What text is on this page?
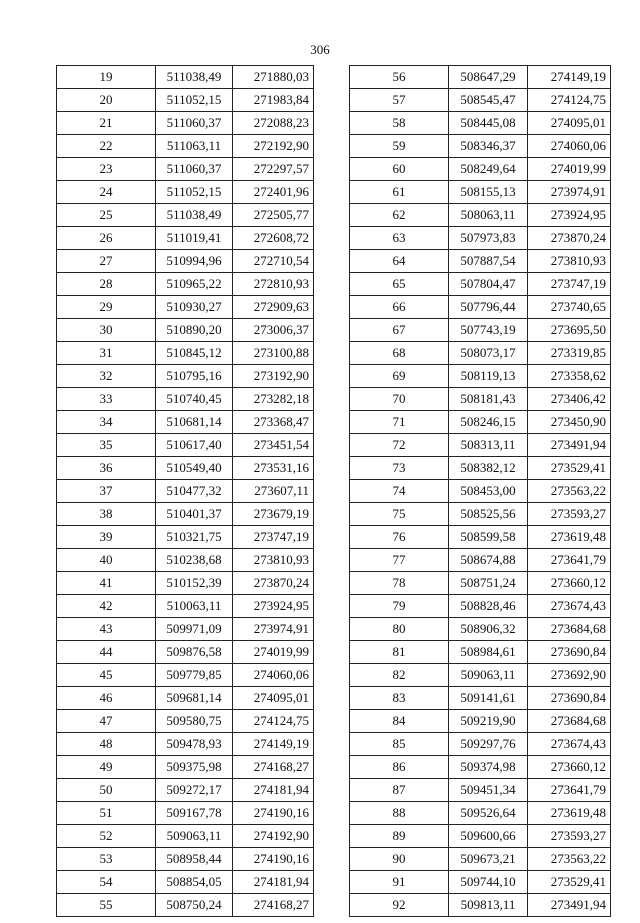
306
19	511038,49	271880,03
20	511052,15	271983,84
21	511060,37	272088,23
22	511063,11	272192,90
23	511060,37	272297,57
24	511052,15	272401,96
25	511038,49	272505,77
26	511019,41	272608,72
27	510994,96	272710,54
28	510965,22	272810,93
29	510930,27	272909,63
30	510890,20	273006,37
31	510845,12	273100,88
32	510795,16	273192,90
33	510740,45	273282,18
34	510681,14	273368,47
35	510617,40	273451,54
36	510549,40	273531,16
37	510477,32	273607,11
38	510401,37	273679,19
39	510321,75	273747,19
40	510238,68	273810,93
41	510152,39	273870,24
42	510063,11	273924,95
43	509971,09	273974,91
44	509876,58	274019,99
45	509779,85	274060,06
46	509681,14	274095,01
47	509580,75	274124,75
48	509478,93	274149,19
49	509375,98	274168,27
50	509272,17	274181,94
51	509167,78	274190,16
52	509063,11	274192,90
53	508958,44	274190,16
54	508854,05	274181,94
55	508750,24	274168,27
56	508647,29	274149,19
57	508545,47	274124,75
58	508445,08	274095,01
59	508346,37	274060,06
60	508249,64	274019,99
61	508155,13	273974,91
62	508063,11	273924,95
63	507973,83	273870,24
64	507887,54	273810,93
65	507804,47	273747,19
66	507796,44	273740,65
67	507743,19	273695,50
68	508073,17	273319,85
69	508119,13	273358,62
70	508181,43	273406,42
71	508246,15	273450,90
72	508313,11	273491,94
73	508382,12	273529,41
74	508453,00	273563,22
75	508525,56	273593,27
76	508599,58	273619,48
77	508674,88	273641,79
78	508751,24	273660,12
79	508828,46	273674,43
80	508906,32	273684,68
81	508984,61	273690,84
82	509063,11	273692,90
83	509141,61	273690,84
84	509219,90	273684,68
85	509297,76	273674,43
86	509374,98	273660,12
87	509451,34	273641,79
88	509526,64	273619,48
89	509600,66	273593,27
90	509673,21	273563,22
91	509744,10	273529,41
92	509813,11	273491,94
